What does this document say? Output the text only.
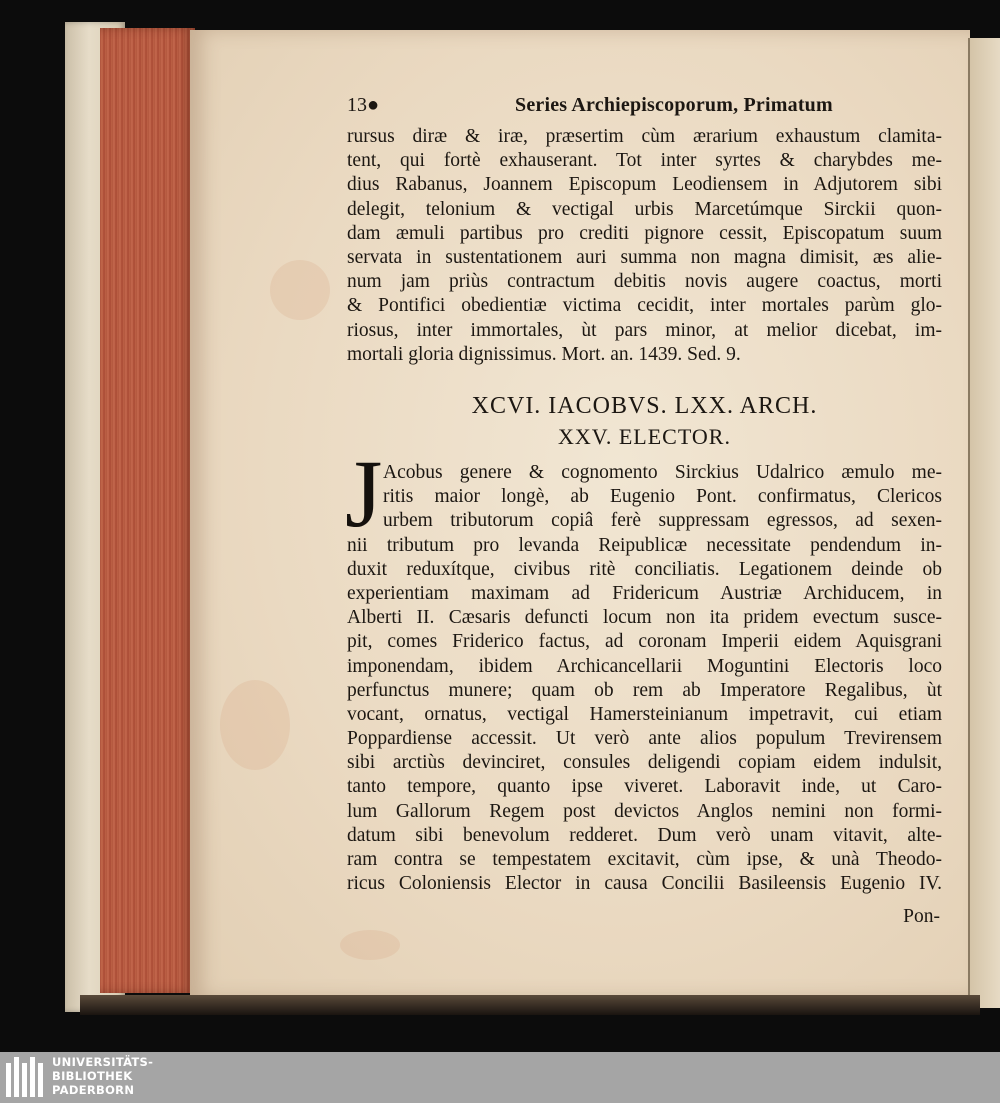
13●	Series Archiepiscoporum, Primatum
rursus diræ & iræ, præsertim cùm ærarium exhaustum clamita-
tent, qui fortè exhauserant. Tot inter syrtes & charybdes me-
dius Rabanus, Joannem Episcopum Leodiensem in Adjutorem sibi
delegit, telonium & vectigal urbis Marcetúmque Sirckii quon-
dam æmuli partibus pro crediti pignore cessit, Episcopatum suum
servata in sustentationem auri summa non magna dimisit, æs alie-
num jam priùs contractum debitis novis augere coactus, morti
& Pontifici obedientiæ victima cecidit, inter mortales parùm glo-
riosus, inter immortales, ùt pars minor, at melior dicebat, im-
mortali gloria dignissimus. Mort. an. 1439. Sed. 9.
XCVI. IACOBVS. LXX. ARCH.
XXV. ELECTOR.
J Acobus genere & cognomento Sirckius Udalrico æmulo me-
ritis maior longè, ab Eugenio Pont. confirmatus, Clericos
urbem tributorum copiâ ferè suppressam egressos, ad sexen-
nii tributum pro levanda Reipublicæ necessitate pendendum in-
duxit reduxítque, civibus ritè conciliatis. Legationem deinde ob
experientiam maximam ad Fridericum Austriæ Archiducem, in
Alberti II. Cæsaris defuncti locum non ita pridem evectum susce-
pit, comes Friderico factus, ad coronam Imperii eidem Aquisgrani
imponendam, ibidem Archicancellarii Moguntini Electoris loco
perfunctus munere; quam ob rem ab Imperatore Regalibus, ùt
vocant, ornatus, vectigal Hamersteinianum impetravit, cui etiam
Poppardiense accessit. Ut verò ante alios populum Trevirensem
sibi arctiùs devinciret, consules deligendi copiam eidem indulsit,
tanto tempore, quanto ipse viveret. Laboravit inde, ut Caro-
lum Gallorum Regem post devictos Anglos nemini non formi-
datum sibi benevolum redderet. Dum verò unam vitavit, alte-
ram contra se tempestatem excitavit, cùm ipse, & unà Theodo-
ricus Coloniensis Elector in causa Concilii Basileensis Eugenio IV.
Pon-
UNIVERSITÄTS-
BIBLIOTHEK
PADERBORN
